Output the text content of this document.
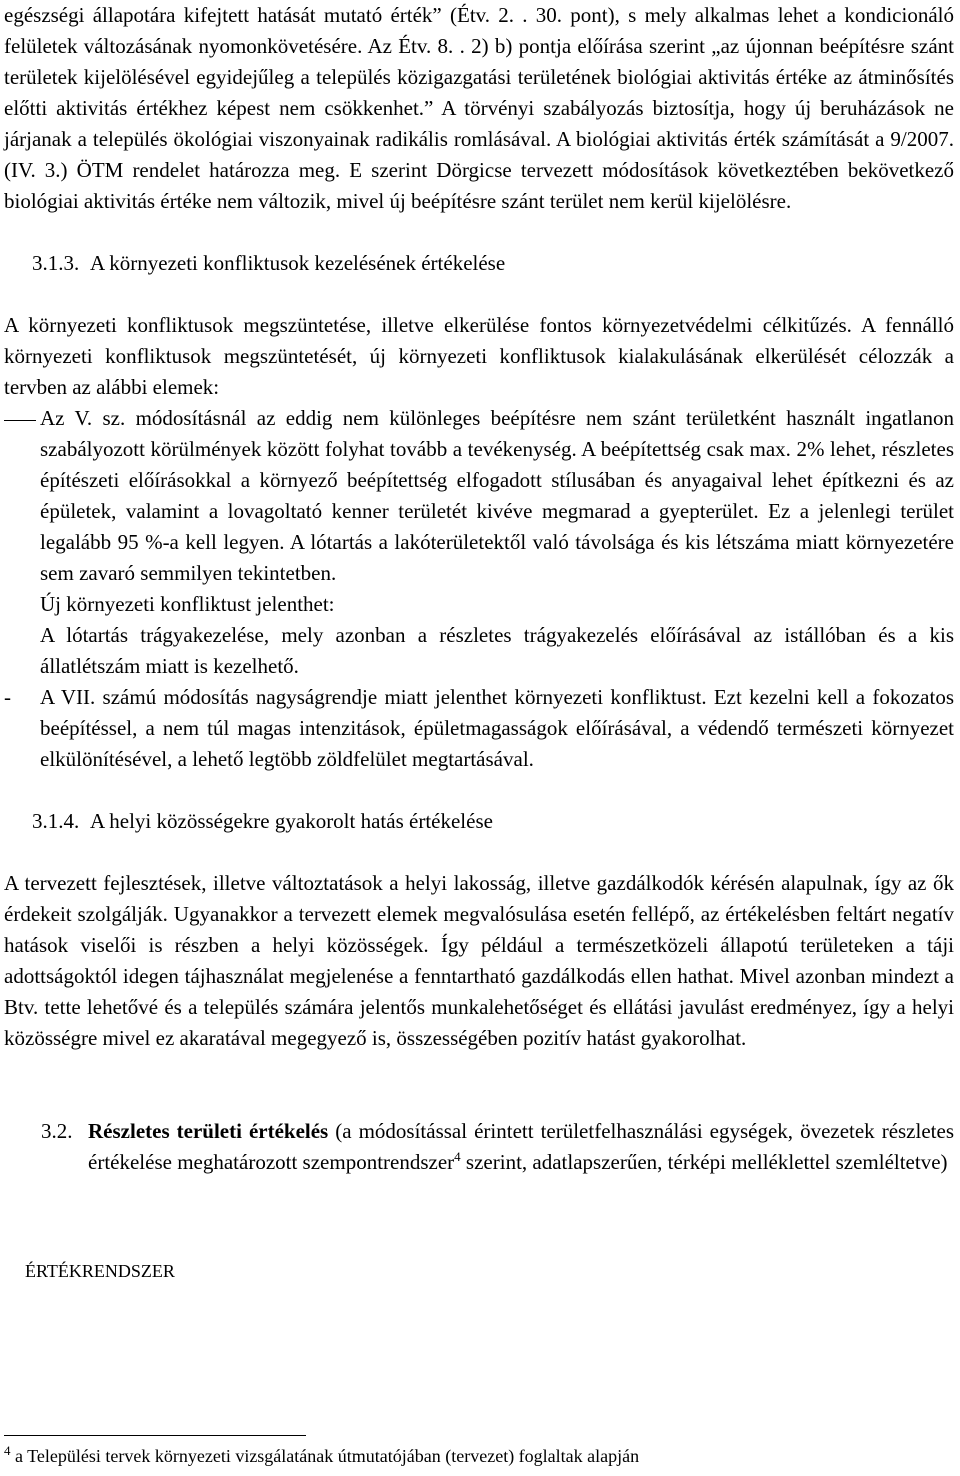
egészségi állapotára kifejtett hatását mutató érték” (Étv. 2. . 30. pont), s mely alkalmas lehet a kondicionáló felületek változásának nyomonkövetésére. Az Étv. 8. . 2) b) pontja előírása szerint „az újonnan beépítésre szánt területek kijelölésével egyidejűleg a település közigazgatási területének biológiai aktivitás értéke az átminősítés előtti aktivitás értékhez képest nem csökkenhet.” A törvényi szabályozás biztosítja, hogy új beruházások ne járjanak a település ökológiai viszonyainak radikális romlásával. A biológiai aktivitás érték számítását a 9/2007. (IV. 3.) ÖTM rendelet határozza meg. E szerint Dörgicse tervezett módosítások következtében bekövetkező biológiai aktivitás értéke nem változik, mivel új beépítésre szánt terület nem kerül kijelölésre.

3.1.3. A környezeti konfliktusok kezelésének értékelése

A környezeti konfliktusok megszüntetése, illetve elkerülése fontos környezetvédelmi célkitűzés. A fennálló környezeti konfliktusok megszüntetését, új környezeti konfliktusok kialakulásának elkerülését célozzák a tervben az alábbi elemek:

Az V. sz. módosításnál az eddig nem különleges beépítésre nem szánt területként használt ingatlanon szabályozott körülmények között folyhat tovább a tevékenység. A beépítettség csak max. 2% lehet, részletes építészeti előírásokkal a környező beépítettség elfogadott stílusában és anyagaival lehet építkezni és az épületek, valamint a lovagoltató kenner területét kivéve megmarad a gyepterület. Ez a jelenlegi terület legalább 95 %-a kell legyen. A lótartás a lakóterületektől való távolsága és kis létszáma miatt környezetére sem zavaró semmilyen tekintetben.
Új környezeti konfliktust jelenthet:
A lótartás trágyakezelése, mely azonban a részletes trágyakezelés előírásával az istállóban és a kis állatlétszám miatt is kezelhető.
-	A VII. számú módosítás nagyságrendje miatt jelenthet környezeti konfliktust. Ezt kezelni kell a fokozatos beépítéssel, a nem túl magas intenzitások, épületmagasságok előírásával, a védendő természeti környezet elkülönítésével, a lehető legtöbb zöldfelület megtartásával.
3.1.4. A helyi közösségekre gyakorolt hatás értékelése

A tervezett fejlesztések, illetve változtatások a helyi lakosság, illetve gazdálkodók kérésén alapulnak, így az ők érdekeit szolgálják. Ugyanakkor a tervezett elemek megvalósulása esetén fellépő, az értékelésben feltárt negatív hatások viselői is részben a helyi közösségek. Így például a természetközeli állapotú területeken a táji adottságoktól idegen tájhasználat megjelenése a fenntartható gazdálkodás ellen hathat. Mivel azonban mindezt a Btv. tette lehetővé és a település számára jelentős munkalehetőséget és ellátási javulást eredményez, így a helyi közösségre mivel ez akaratával megegyező is, összességében pozitív hatást gyakorolhat.

3.2. Részletes területi értékelés (a módosítással érintett területfelhasználási egységek, övezetek részletes értékelése meghatározott szempontrendszer$^4$ szerint, adatlapszerűen, térképi melléklettel szemléltetve)
ÉRTÉKRENDSZER
$^4$ a Települési tervek környezeti vizsgálatának útmutatójában (tervezet) foglaltak alapján
